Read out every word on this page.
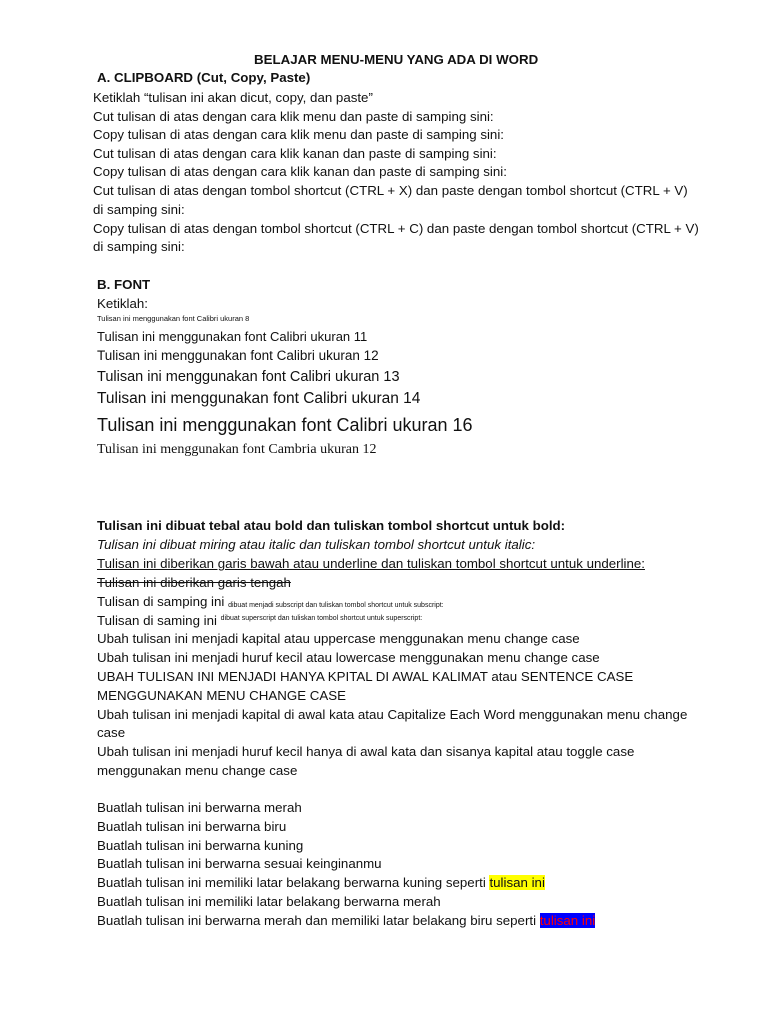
BELAJAR MENU-MENU YANG ADA DI WORD

A. CLIPBOARD (Cut, Copy, Paste)

Ketiklah “tulisan ini akan dicut, copy, dan paste”

Cut tulisan di atas dengan cara klik menu dan paste di samping sini:

Copy tulisan di atas dengan cara klik menu dan paste di samping sini:

Cut tulisan di atas dengan cara klik kanan dan paste di samping sini:

Copy tulisan di atas dengan cara klik kanan dan paste di samping sini:

Cut tulisan di atas dengan tombol shortcut (CTRL + X) dan paste dengan tombol shortcut (CTRL + V)

di samping sini:

Copy tulisan di atas dengan tombol shortcut (CTRL + C) dan paste dengan tombol shortcut (CTRL + V)

di samping sini:

B. FONT

Ketiklah:

Tulisan ini menggunakan font Calibri ukuran 8

Tulisan ini menggunakan font Calibri ukuran 11

Tulisan ini menggunakan font Calibri ukuran 12

Tulisan ini menggunakan font Calibri ukuran 13

Tulisan ini menggunakan font Calibri ukuran 14

Tulisan ini menggunakan font Calibri ukuran 16

Tulisan ini menggunakan font Cambria ukuran 12

Tulisan ini dibuat tebal atau bold dan tuliskan tombol shortcut untuk bold:

Tulisan ini dibuat miring atau italic dan tuliskan tombol shortcut untuk italic:

Tulisan ini diberikan garis bawah atau underline dan tuliskan tombol shortcut untuk underline:

Tulisan ini diberikan garis tengah

Tulisan di samping ini dibuat menjadi subscript dan tuliskan tombol shortcut untuk subscript:

Tulisan di saming ini $^{dibuat superscript dan tuliskan tombol shortcut untuk superscript:}$

Ubah tulisan ini menjadi kapital atau uppercase menggunakan menu change case

Ubah tulisan ini menjadi huruf kecil atau lowercase menggunakan menu change case

UBAH TULISAN INI MENJADI HANYA KPITAL DI AWAL KALIMAT atau SENTENCE CASE

MENGGUNAKAN MENU CHANGE CASE

Ubah tulisan ini menjadi kapital di awal kata atau Capitalize Each Word menggunakan menu change

case

Ubah tulisan ini menjadi huruf kecil hanya di awal kata dan sisanya kapital atau toggle case

menggunakan menu change case

Buatlah tulisan ini berwarna merah

Buatlah tulisan ini berwarna biru

Buatlah tulisan ini berwarna kuning

Buatlah tulisan ini berwarna sesuai keinginanmu

Buatlah tulisan ini memiliki latar belakang berwarna kuning seperti tulisan ini

Buatlah tulisan ini memiliki latar belakang berwarna merah

Buatlah tulisan ini berwarna merah dan memiliki latar belakang biru seperti tulisan ini
